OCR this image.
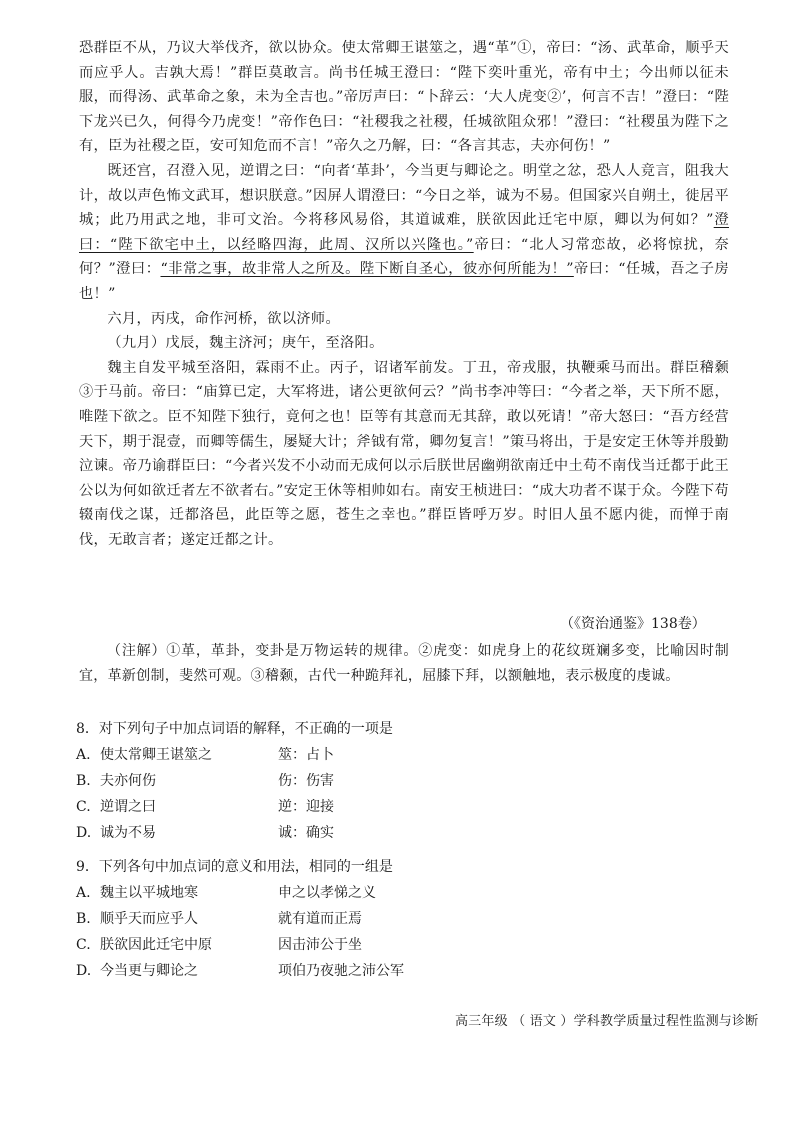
恐群臣不从，乃议大举伐齐，欲以协众。使太常卿王谌筮之，遇“革”①，帝曰：“汤、武革命，顺乎天而应乎人。吉孰大焉！”群臣莫敢言。尚书任城王澄曰：“陛下奕叶重光，帝有中土；今出师以征未服，而得汤、武革命之象，未为全吉也。”帝厉声曰：“卜辞云：‘大人虎变②’，何言不吉！”澄曰：“陛下龙兴已久，何得今乃虎变！”帝作色曰：“社稷我之社稷，任城欲阻众邪！”澄曰：“社稷虽为陛下之有，臣为社稷之臣，安可知危而不言！”帝久之乃解，曰：“各言其志，夫亦何伤！”

既还宫，召澄入见，逆谓之曰：“向者‘革卦’，今当更与卿论之。明堂之忿，恐人人竞言，阻我大计，故以声色怖文武耳，想识朕意。”因屏人谓澄曰：“今日之举，诚为不易。但国家兴自朔土，徙居平城；此乃用武之地，非可文治。今将移风易俗，其道诚难，朕欲因此迁宅中原，卿以为何如？”澄曰：“陛下欲宅中土，以经略四海，此周、汉所以兴隆也。”帝曰：“北人习常恋故，必将惊扰，奈何？”澄曰：“非常之事，故非常人之所及。陛下断自圣心，彼亦何所能为！”帝曰：“任城，吾之子房也！”

六月，丙戌，命作河桥，欲以济师。

（九月）戊辰，魏主济河；庚午，至洛阳。

魏主自发平城至洛阳，霖雨不止。丙子，诏诸军前发。丁丑，帝戎服，执鞭乘马而出。群臣稽颡③于马前。帝曰：“庙算已定，大军将进，诸公更欲何云？”尚书李冲等曰：“今者之举，天下所不愿，唯陛下欲之。臣不知陛下独行，竟何之也！臣等有其意而无其辞，敢以死请！”帝大怒曰：“吾方经营天下，期于混壹，而卿等儒生，屡疑大计；斧钺有常，卿勿复言！”策马将出，于是安定王休等并殷勤泣谏。帝乃谕群臣曰：“今者兴发不小动而无成何以示后朕世居幽朔欲南迁中土苟不南伐当迁都于此王公以为何如欲迁者左不欲者右。”安定王休等相帅如右。南安王桢进曰：“成大功者不谋于众。今陛下苟辍南伐之谋，迁都洛邑，此臣等之愿，苍生之幸也。”群臣皆呼万岁。时旧人虽不愿内徙，而惮于南伐，无敢言者；遂定迁都之计。

（《资治通鉴》138卷）
（注解）①革，革卦，变卦是万物运转的规律。②虎变：如虎身上的花纹斑斓多变，比喻因时制宜，革新创制，斐然可观。③稽颡，古代一种跪拜礼，屈膝下拜，以额触地，表示极度的虔诚。
8．对下列句子中加点词语的解释，不正确的一项是
A. 使太常卿王谌筮之	筮：占卜
B. 夫亦何伤	伤：伤害
C. 逆谓之曰	逆：迎接
D. 诚为不易	诚：确实
9．下列各句中加点词的意义和用法，相同的一组是
A. 魏主以平城地寒	申之以孝悌之义
B. 顺乎天而应乎人	就有道而正焉
C. 朕欲因此迁宅中原	因击沛公于坐
D. 今当更与卿论之	项伯乃夜驰之沛公军
高三年级 （ 语文 ）学科教学质量过程性监测与诊断
